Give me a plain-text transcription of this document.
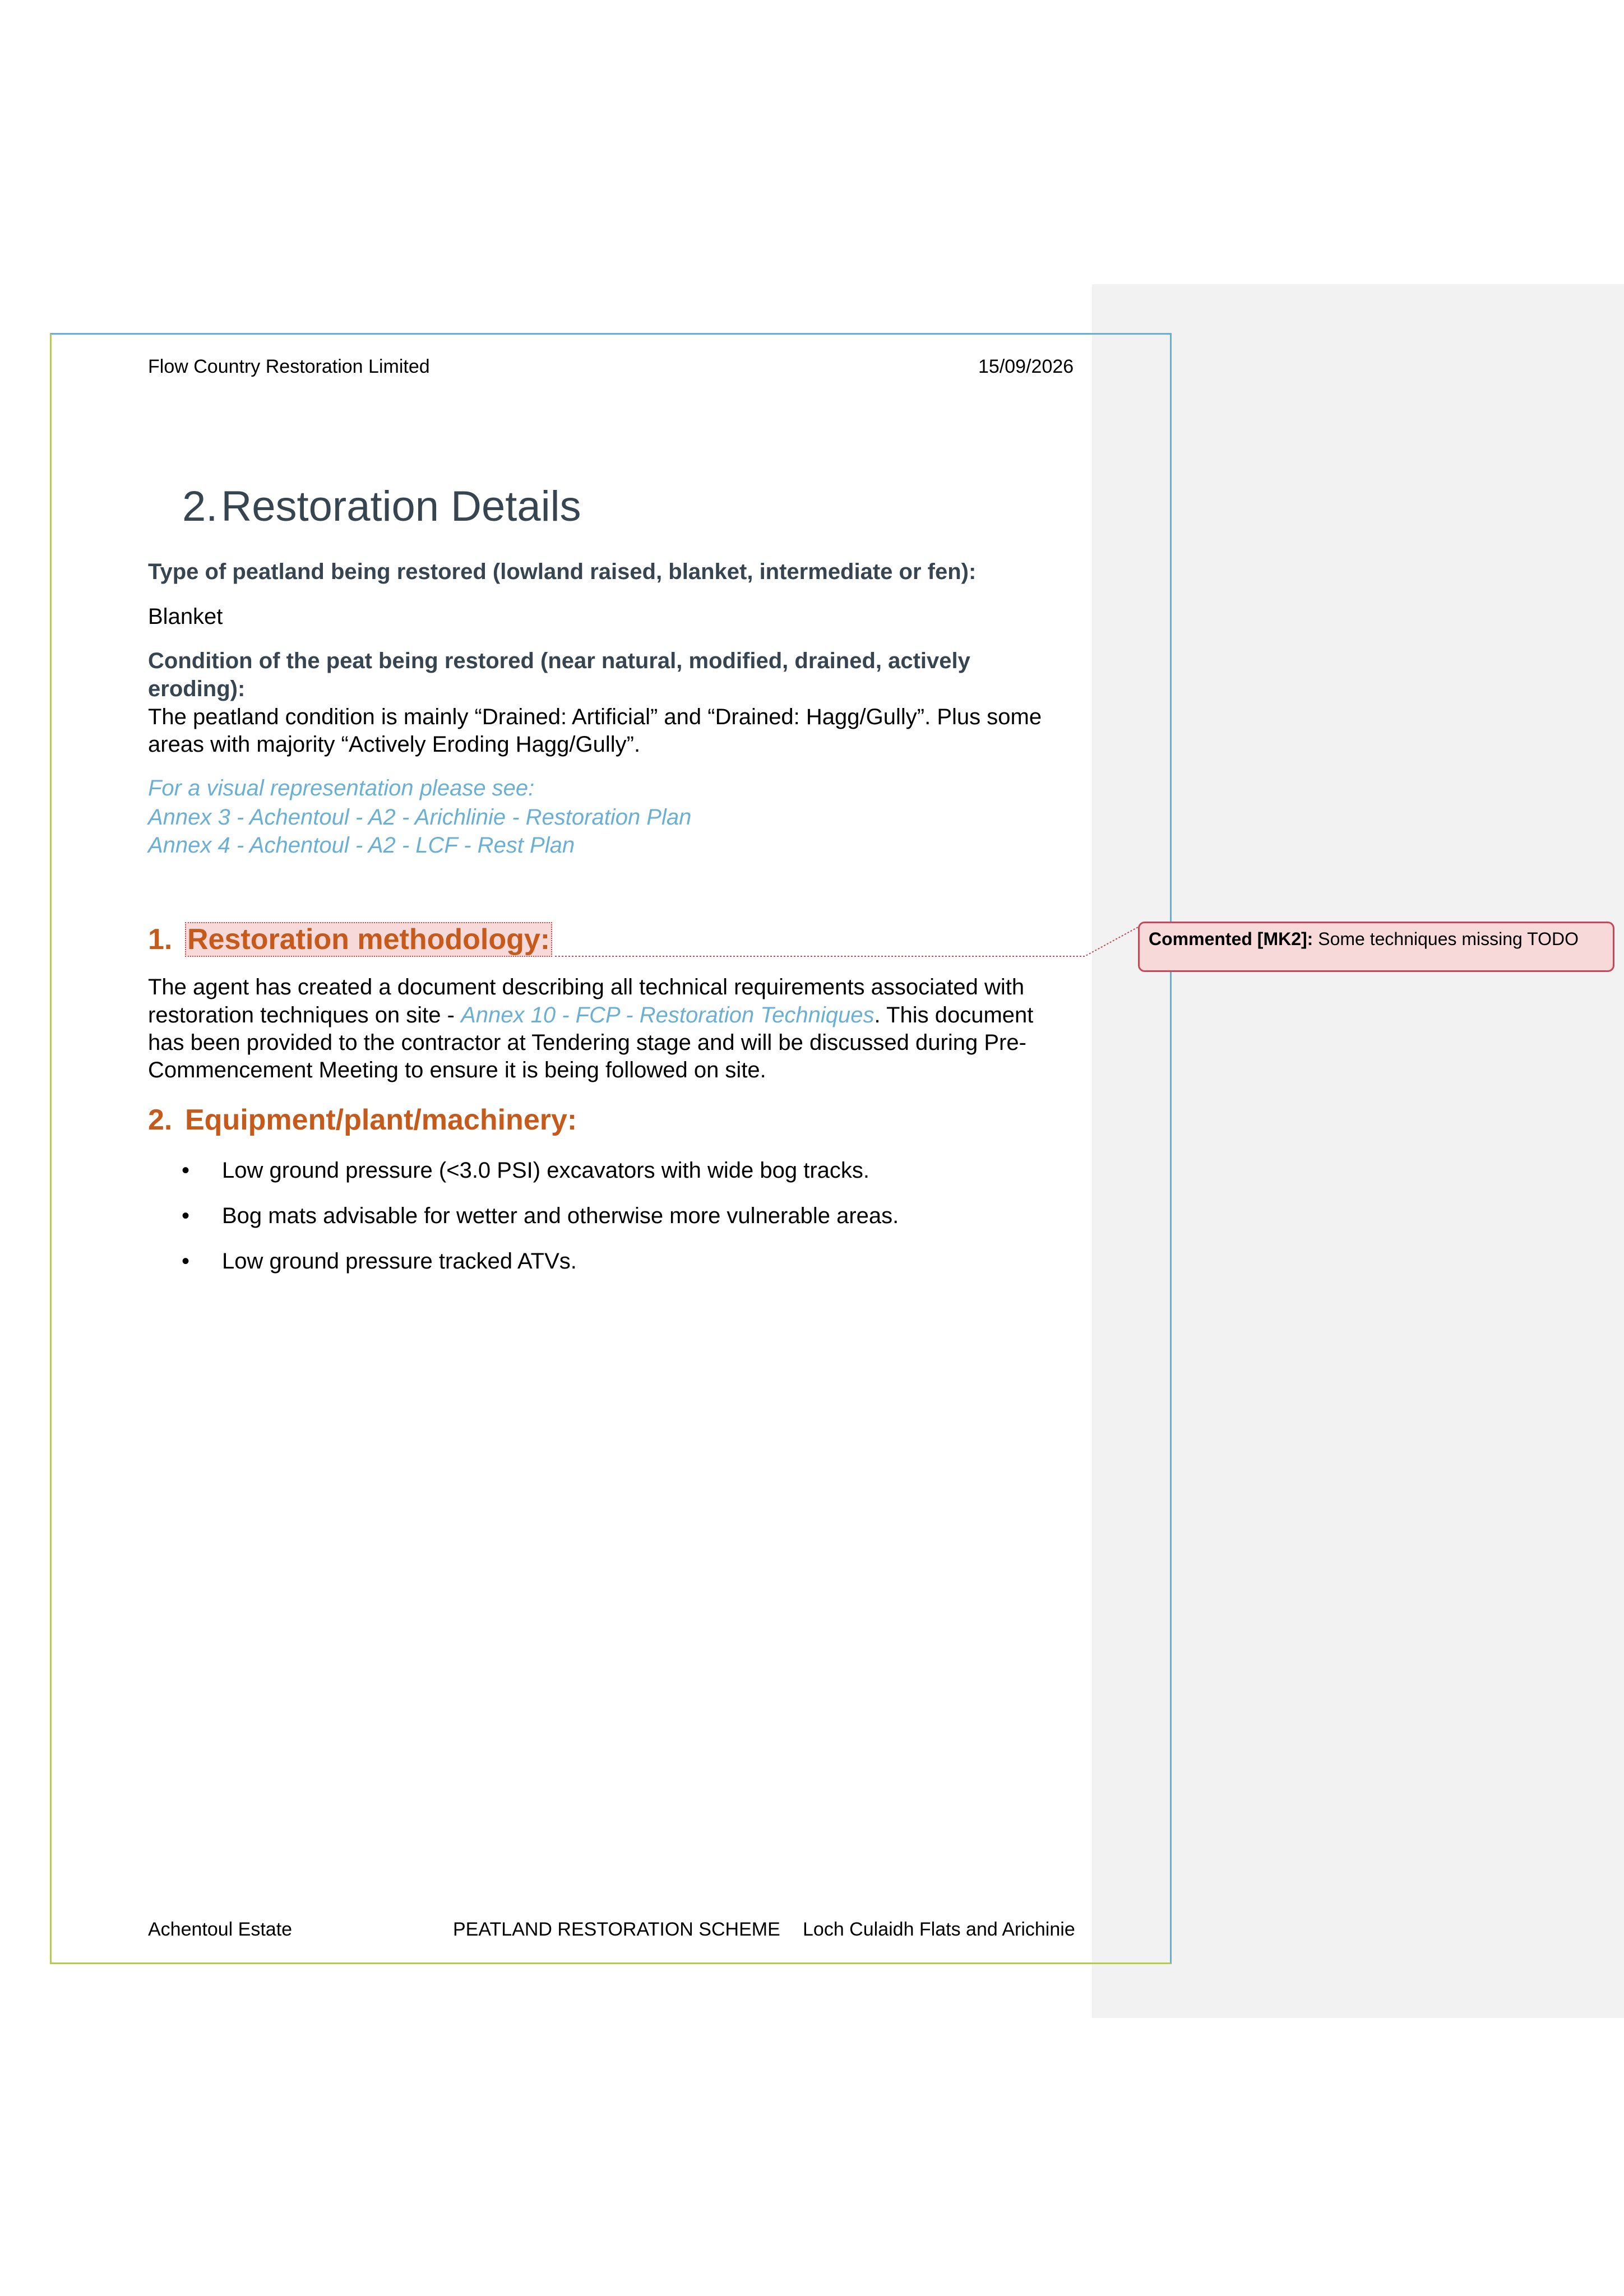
Flow Country Restoration Limited	15/09/2026
2.Restoration Details
Type of peatland being restored (lowland raised, blanket, intermediate or fen):
Blanket
Condition of the peat being restored (near natural, modified, drained, actively eroding):
The peatland condition is mainly “Drained: Artificial” and “Drained: Hagg/Gully”. Plus some areas with majority “Actively Eroding Hagg/Gully”.
For a visual representation please see:
Annex 3 - Achentoul - A2 - Arichlinie - Restoration Plan
Annex 4 - Achentoul - A2 - LCF - Rest Plan
1. Restoration methodology:	Commented [MK2]: Some techniques missing TODO
The agent has created a document describing all technical requirements associated with restoration techniques on site - Annex 10 - FCP - Restoration Techniques. This document has been provided to the contractor at Tendering stage and will be discussed during Pre-Commencement Meeting to ensure it is being followed on site.
2. Equipment/plant/machinery:
• Low ground pressure (<3.0 PSI) excavators with wide bog tracks.
• Bog mats advisable for wetter and otherwise more vulnerable areas.
• Low ground pressure tracked ATVs.
Achentoul Estate	PEATLAND RESTORATION SCHEME Loch Culaidh Flats and Arichinie
